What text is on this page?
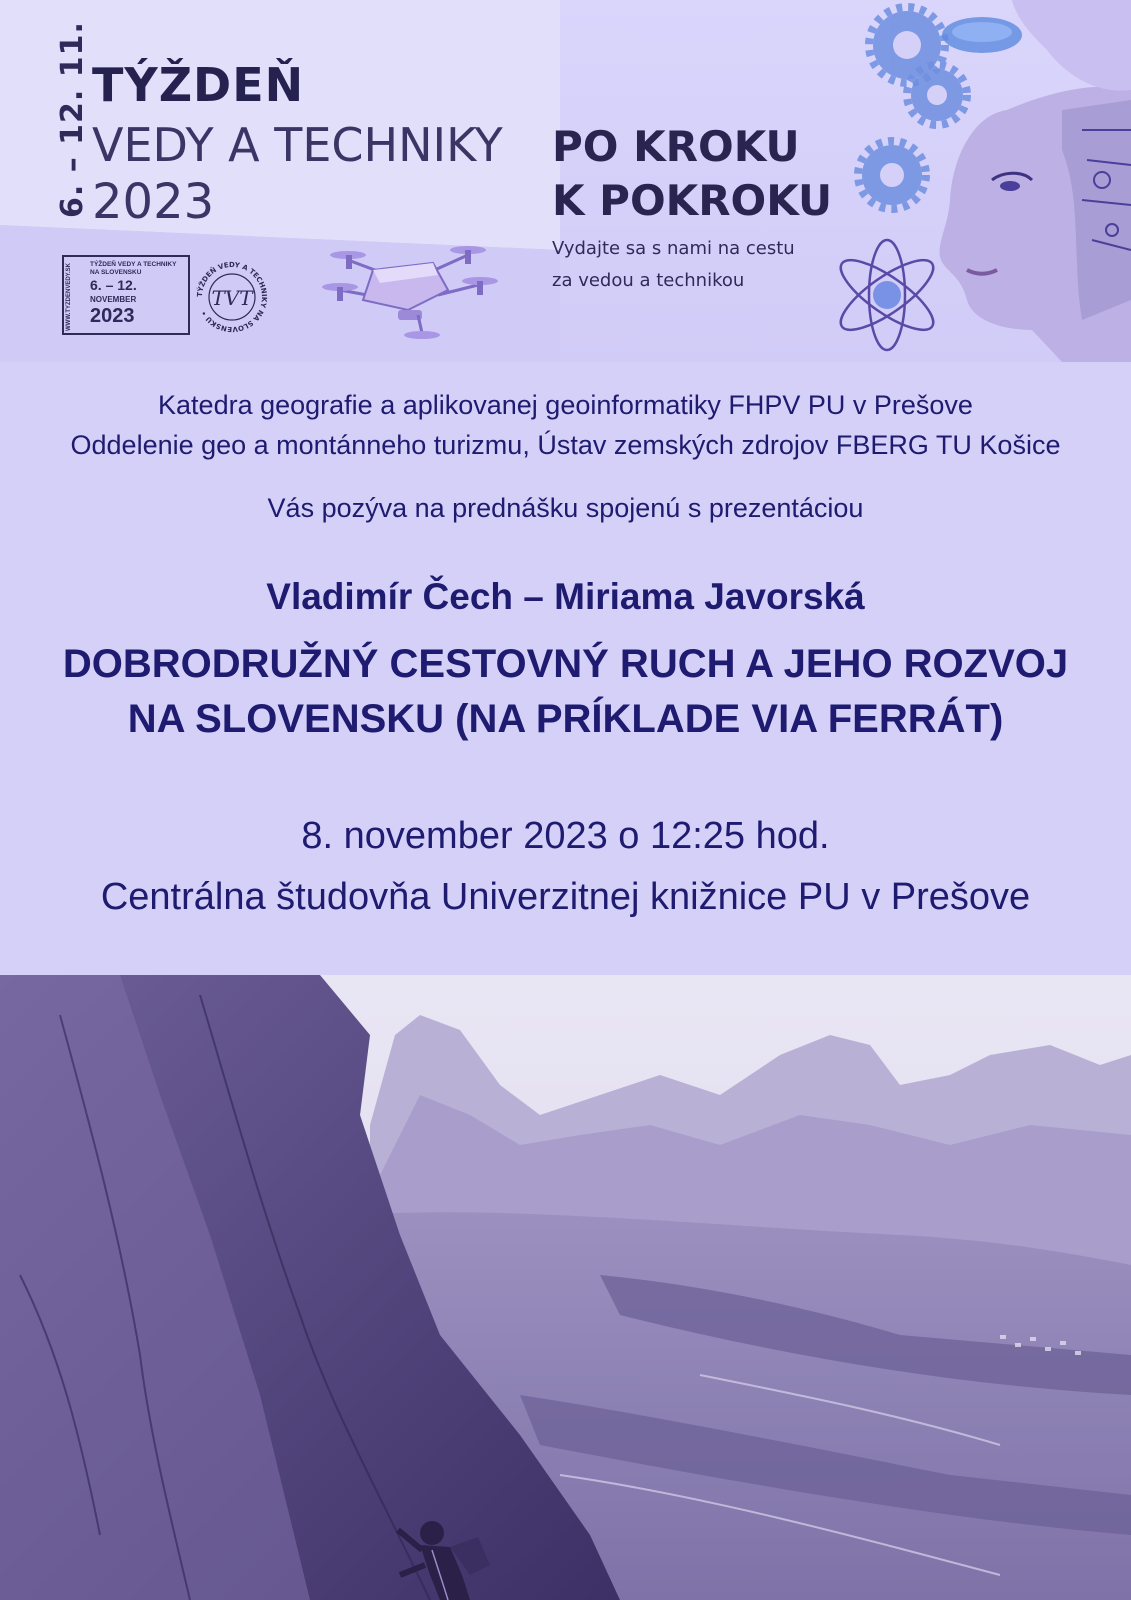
6. – 12. 11. TÝŽDEŇ
VEDY A TECHNIKY
2023
WWW.TYZDENVEDY.SK	TÝŽDEŇ VEDY A TECHNIKY NA SLOVENSKU
6. – 12.
NOVEMBER
2023
TÝŽDEŇ VEDY A TECHNIKY NA SLOVENSKU •
TVT
PO KROKU
K POKROKU
Vydajte sa s nami na cestu
za vedou a technikou
Katedra geografie a aplikovanej geoinformatiky FHPV PU v Prešove
Oddelenie geo a montánneho turizmu, Ústav zemských zdrojov FBERG TU Košice
Vás pozýva na prednášku spojenú s prezentáciou
Vladimír Čech – Miriama Javorská
DOBRODRUŽNÝ CESTOVNÝ RUCH A JEHO ROZVOJ
NA SLOVENSKU (NA PRÍKLADE VIA FERRÁT)
8. november 2023 o 12:25 hod.
Centrálna študovňa Univerzitnej knižnice PU v Prešove
